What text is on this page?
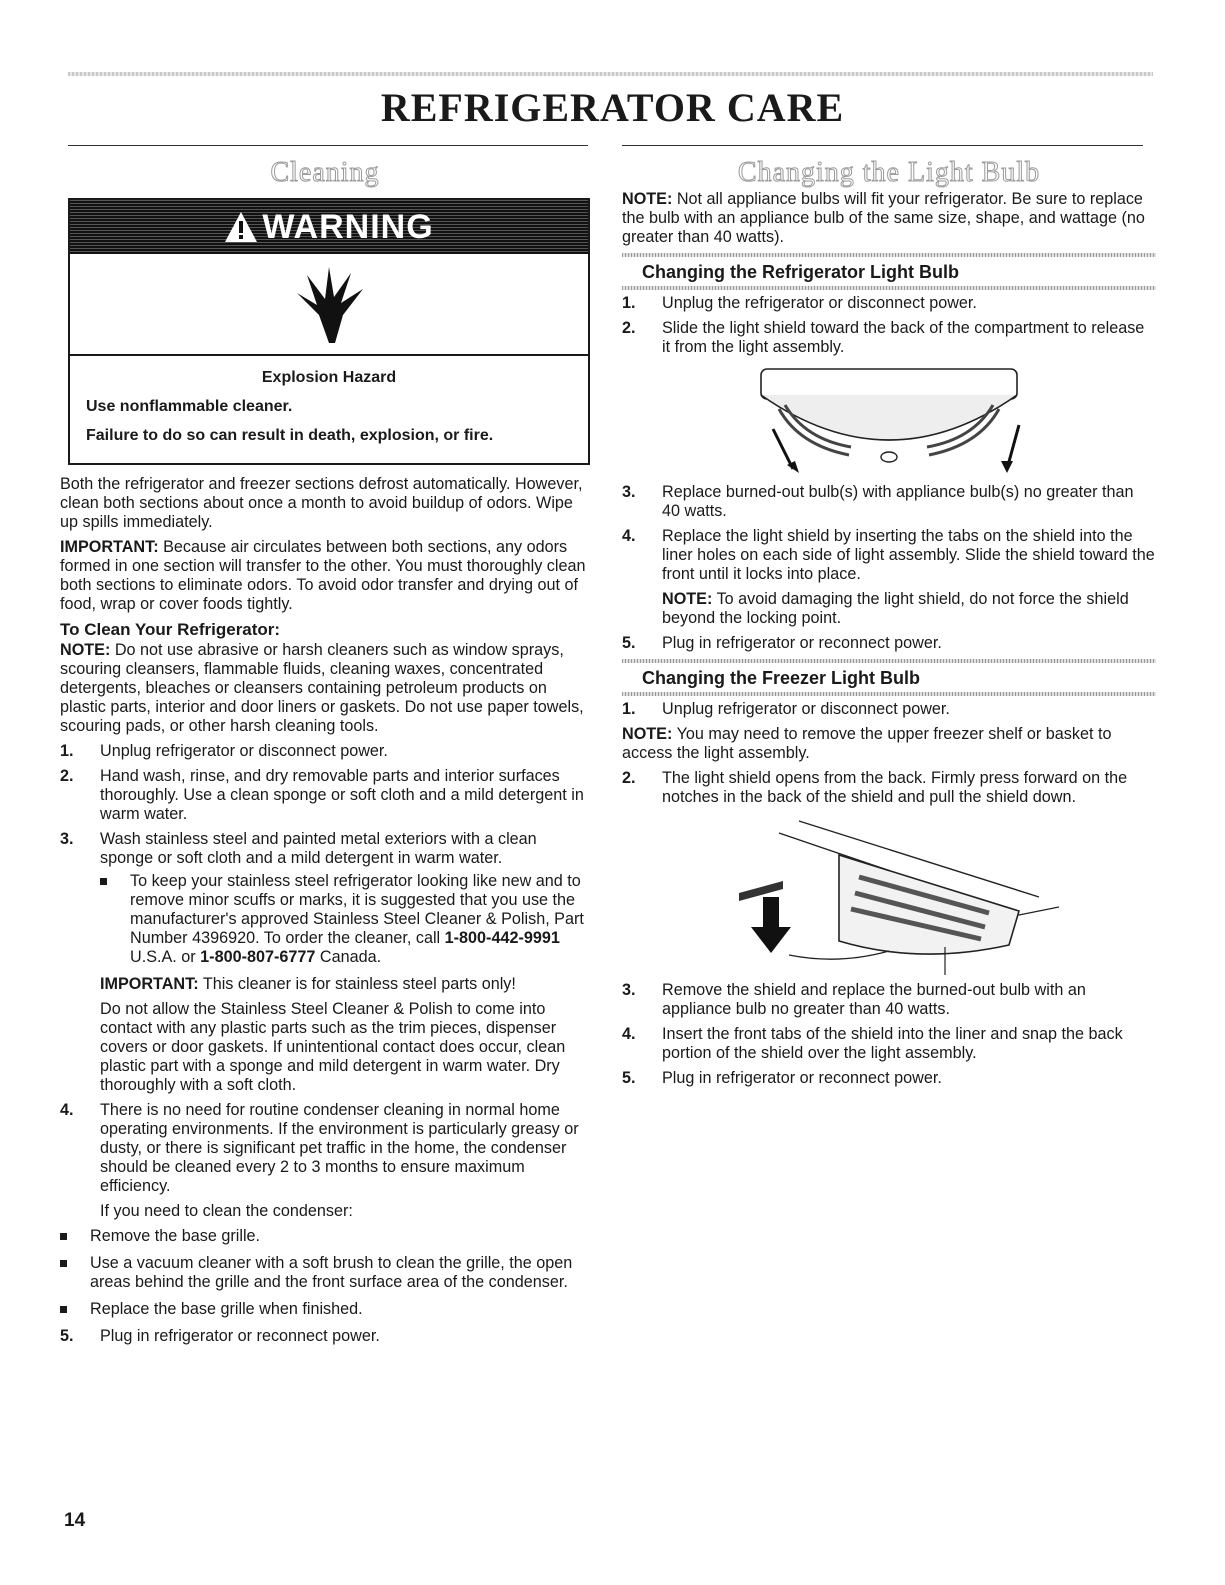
REFRIGERATOR CARE
Cleaning
WARNING
Explosion Hazard
Use nonflammable cleaner.
Failure to do so can result in death, explosion, or fire.

Both the refrigerator and freezer sections defrost automatically. However, clean both sections about once a month to avoid buildup of odors. Wipe up spills immediately.

IMPORTANT: Because air circulates between both sections, any odors formed in one section will transfer to the other. You must thoroughly clean both sections to eliminate odors. To avoid odor transfer and drying out of food, wrap or cover foods tightly.

To Clean Your Refrigerator:

NOTE: Do not use abrasive or harsh cleaners such as window sprays, scouring cleansers, flammable fluids, cleaning waxes, concentrated detergents, bleaches or cleansers containing petroleum products on plastic parts, interior and door liners or gaskets. Do not use paper towels, scouring pads, or other harsh cleaning tools.

1. Unplug refrigerator or disconnect power.
2. Hand wash, rinse, and dry removable parts and interior surfaces thoroughly. Use a clean sponge or soft cloth and a mild detergent in warm water.
3. Wash stainless steel and painted metal exteriors with a clean sponge or soft cloth and a mild detergent in warm water.
To keep your stainless steel refrigerator looking like new and to remove minor scuffs or marks, it is suggested that you use the manufacturer's approved Stainless Steel Cleaner & Polish, Part Number 4396920. To order the cleaner, call 1-800-442-9991 U.S.A. or 1-800-807-6777 Canada.

IMPORTANT: This cleaner is for stainless steel parts only!

Do not allow the Stainless Steel Cleaner & Polish to come into contact with any plastic parts such as the trim pieces, dispenser covers or door gaskets. If unintentional contact does occur, clean plastic part with a sponge and mild detergent in warm water. Dry thoroughly with a soft cloth.

4. There is no need for routine condenser cleaning in normal home operating environments. If the environment is particularly greasy or dusty, or there is significant pet traffic in the home, the condenser should be cleaned every 2 to 3 months to ensure maximum efficiency.

If you need to clean the condenser:

Remove the base grille.
Use a vacuum cleaner with a soft brush to clean the grille, the open areas behind the grille and the front surface area of the condenser.
Replace the base grille when finished.
5. Plug in refrigerator or reconnect power.
Changing the Light Bulb

NOTE: Not all appliance bulbs will fit your refrigerator. Be sure to replace the bulb with an appliance bulb of the same size, shape, and wattage (no greater than 40 watts).

Changing the Refrigerator Light Bulb
1. Unplug the refrigerator or disconnect power.
2. Slide the light shield toward the back of the compartment to release it from the light assembly.
3. Replace burned-out bulb(s) with appliance bulb(s) no greater than 40 watts.
4. Replace the light shield by inserting the tabs on the shield into the liner holes on each side of light assembly. Slide the shield toward the front until it locks into place.

NOTE: To avoid damaging the light shield, do not force the shield beyond the locking point.

5. Plug in refrigerator or reconnect power.
Changing the Freezer Light Bulb
1. Unplug refrigerator or disconnect power.

NOTE: You may need to remove the upper freezer shelf or basket to access the light assembly.

2. The light shield opens from the back. Firmly press forward on the notches in the back of the shield and pull the shield down.
3. Remove the shield and replace the burned-out bulb with an appliance bulb no greater than 40 watts.
4. Insert the front tabs of the shield into the liner and snap the back portion of the shield over the light assembly.
5. Plug in refrigerator or reconnect power.
14
